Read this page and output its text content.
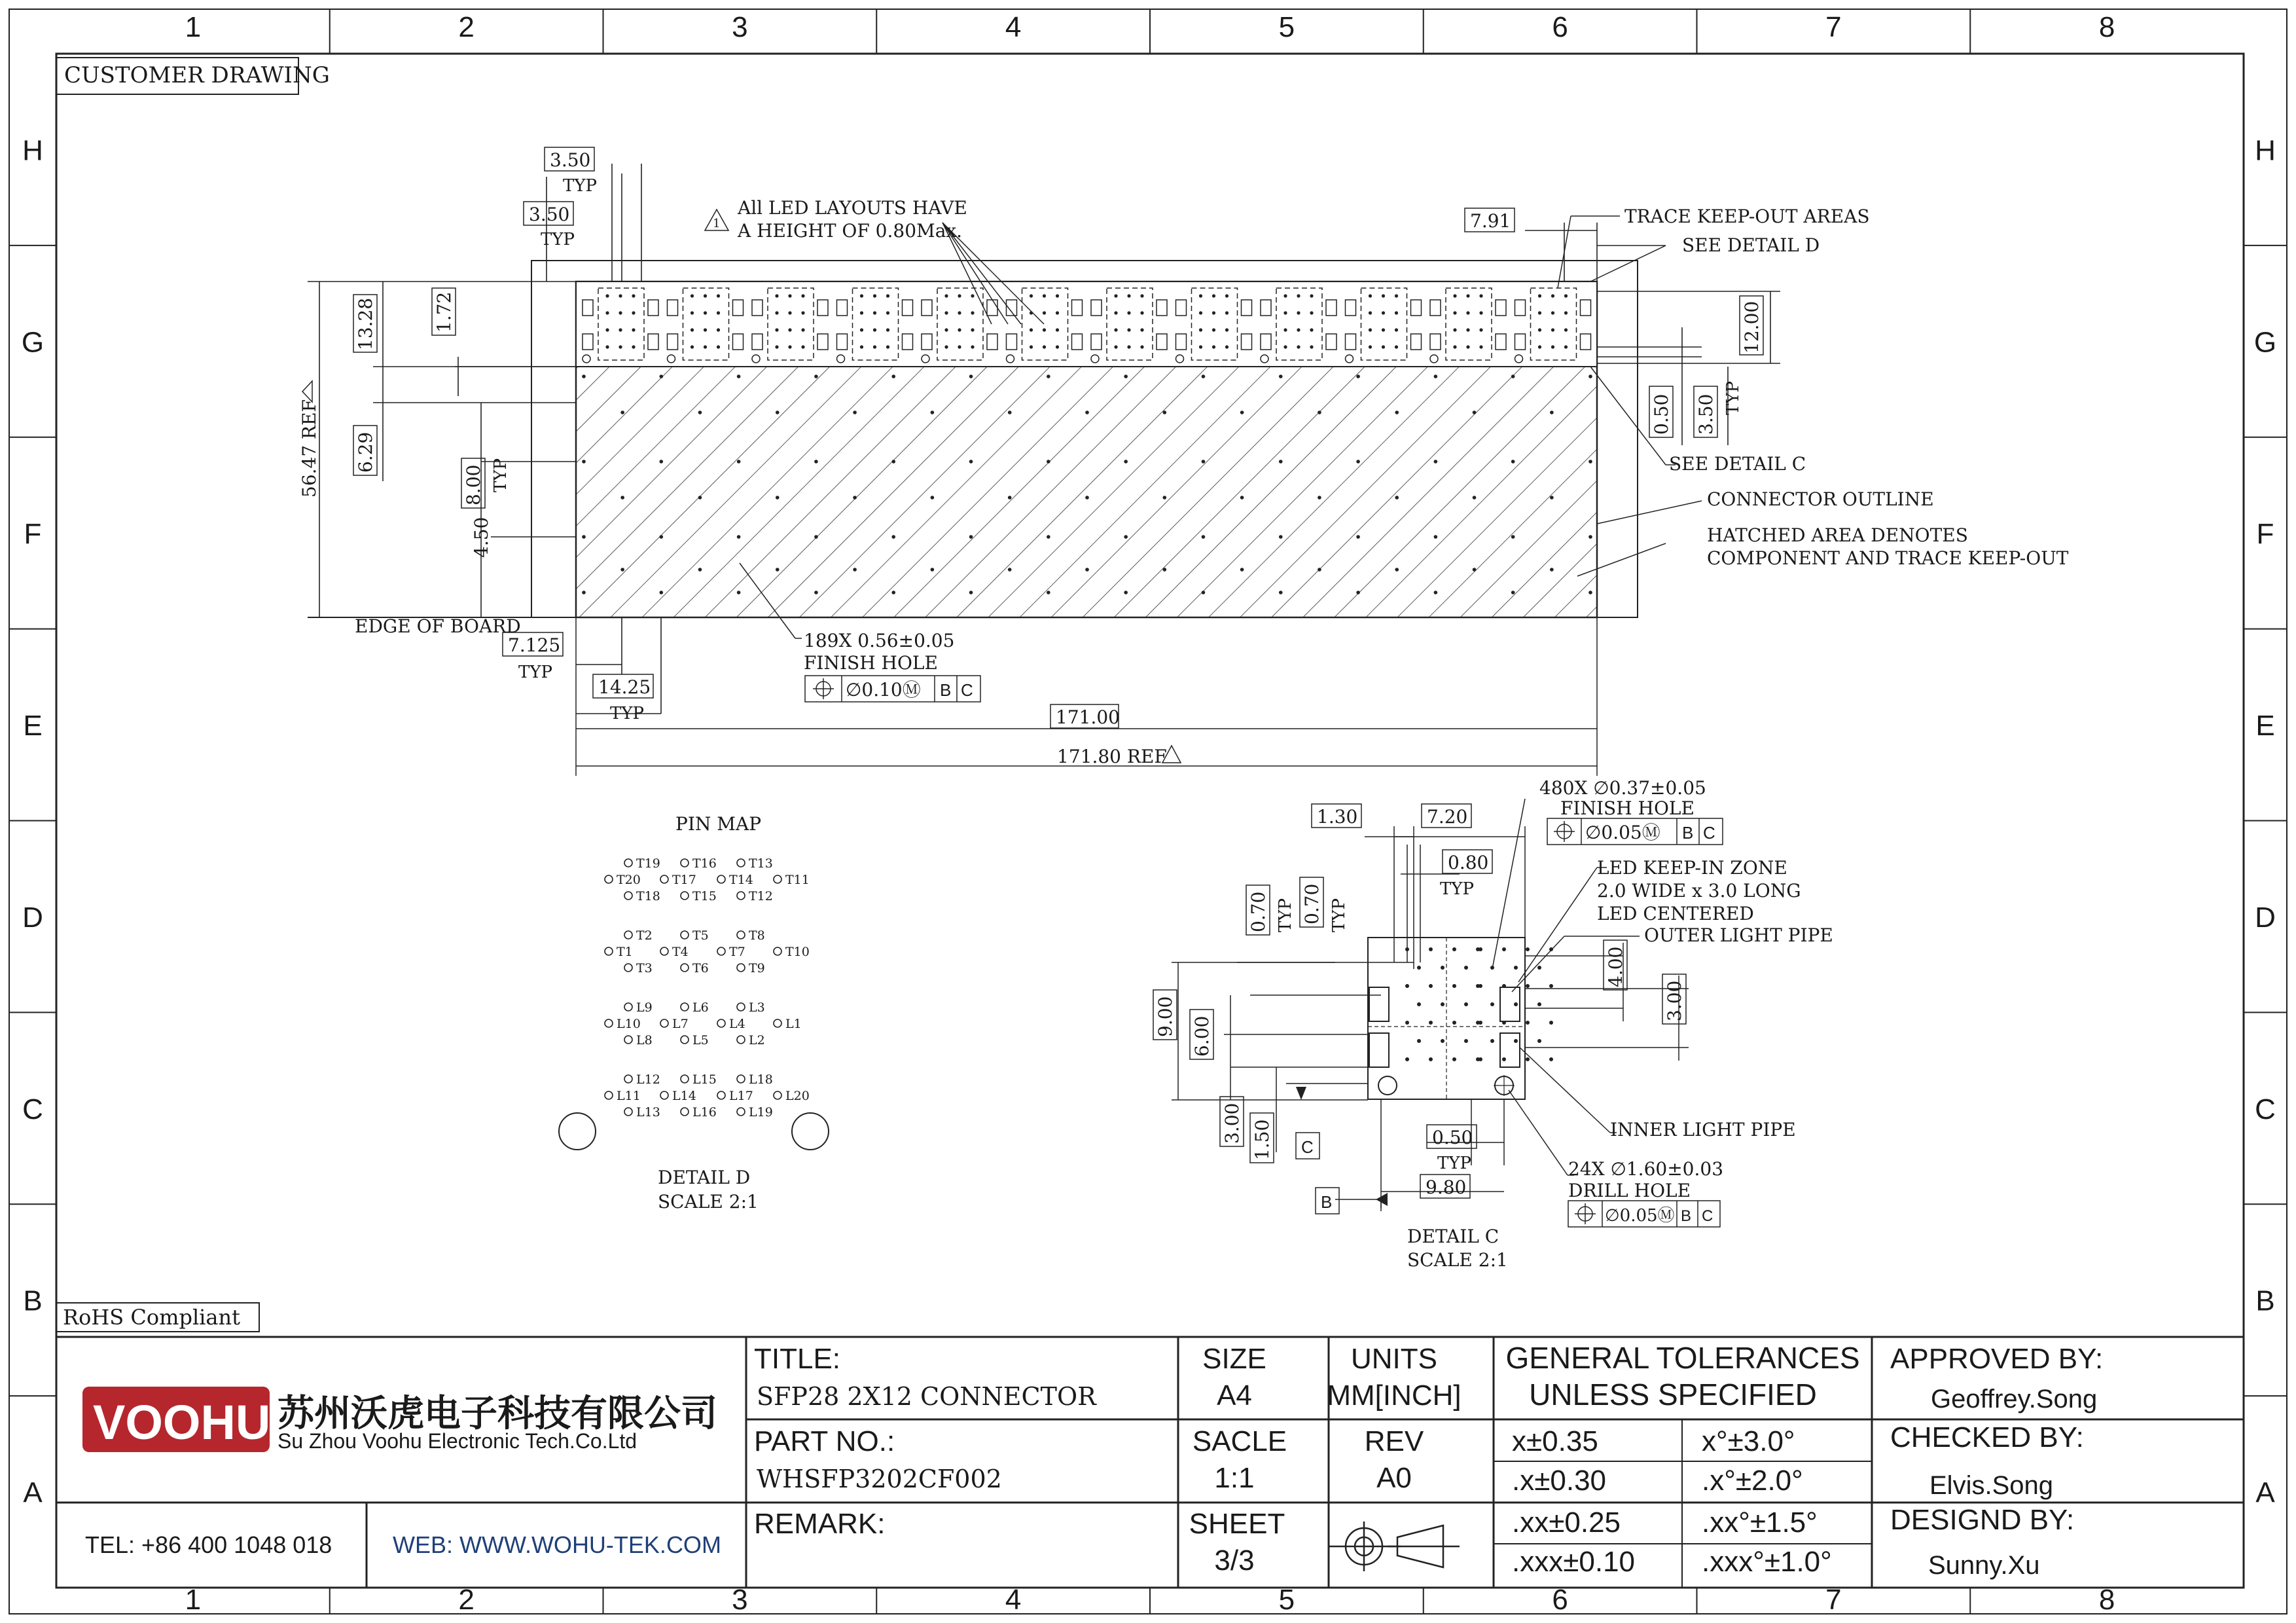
1
1
2
2
3
3
4
4
5
5
6
6
7
7
8
8
H	H
G	G
F	F
E	E
D	D
C	C
B	B
A	A
CUSTOMER DRAWING
RoHS Compliant
3.50
TYP
3.50
TYP
13.28	1.72
56.47 REF 6.29
8.00 TYP
4.50
7.125
TYP
14.25
TYP	171.00
171.80 REF
7.91
12.00
0.50 3.50 TYP
1
All LED LAYOUTS HAVE
A HEIGHT OF 0.80Max.
TRACE KEEP-OUT AREAS
SEE DETAIL D
SEE DETAIL C
CONNECTOR OUTLINE
HATCHED AREA DENOTES
COMPONENT AND TRACE KEEP-OUT
EDGE OF BOARD
189X 0.56±0.05
FINISH HOLE
∅0.10Ⓜ B C
PIN MAP
T19	T16	T13
T20	T17	T14	T11
T18	T15	T12
T2	T5	T8
T1	T4	T7	T10
T3	T6	T9
L9	L6	L3
L10	L7	L4	L1
L8	L5	L2
L12	L15	L18
L11	L14	L17	L20
L13	L16	L19
DETAIL D
SCALE 2:1
1.30	7.20
0.80
TYP
0.70 TYP 0.70 TYP
9.00 6.00
3.00 1.50
4.00
3.00
0.50
TYP
9.80
B
C
480X ∅0.37±0.05
FINISH HOLE
∅0.05Ⓜ B C
LED KEEP-IN ZONE
2.0 WIDE x 3.0 LONG
LED CENTERED
OUTER LIGHT PIPE
INNER LIGHT PIPE
24X ∅1.60±0.03
DRILL HOLE
∅0.05Ⓜ B C
DETAIL C
SCALE 2:1
VOOHU 苏州沃虎电子科技有限公司
Su Zhou Voohu Electronic Tech.Co.Ltd
TEL: +86 400 1048 018	WEB: WWW.WOHU-TEK.COM
TITLE:
SFP28 2X12 CONNECTOR
PART NO.:
WHSFP3202CF002
REMARK:
SIZE
A4
UNITS
MM[INCH]
SACLE
1:1
REV
A0
SHEET
3/3
GENERAL TOLERANCES
UNLESS SPECIFIED
x±0.35	x°±3.0°
.x±0.30	.x°±2.0°
.xx±0.25	.xx°±1.5°
.xxx±0.10 .xxx°±1.0°
APPROVED BY:
Geoffrey.Song
CHECKED BY:
Elvis.Song
DESIGND BY:
Sunny.Xu
